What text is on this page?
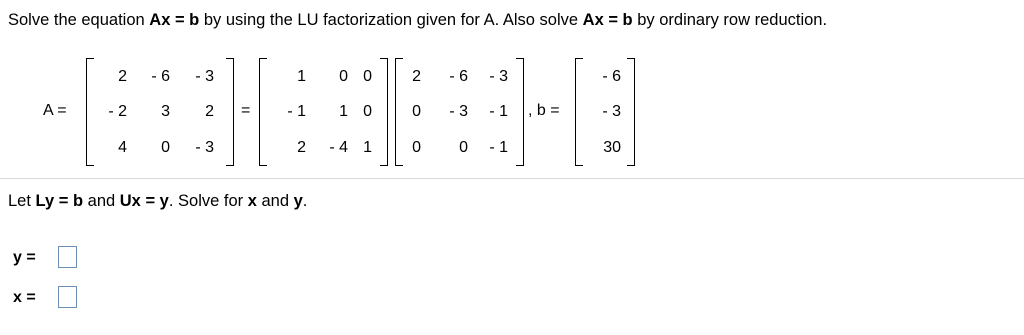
Solve the equation Ax = b by using the LU factorization given for A. Also solve Ax = b by ordinary row reduction.
A =	=	, b =
2 - 6 - 3
- 2 3 2
4 0 - 3
1 0 0
- 1 1 0
2 - 4 1
2 - 6 - 3
0 - 3 - 1
0 0 - 1
- 6
- 3
30
Let Ly = b and Ux = y. Solve for x and y.
y =
x =
